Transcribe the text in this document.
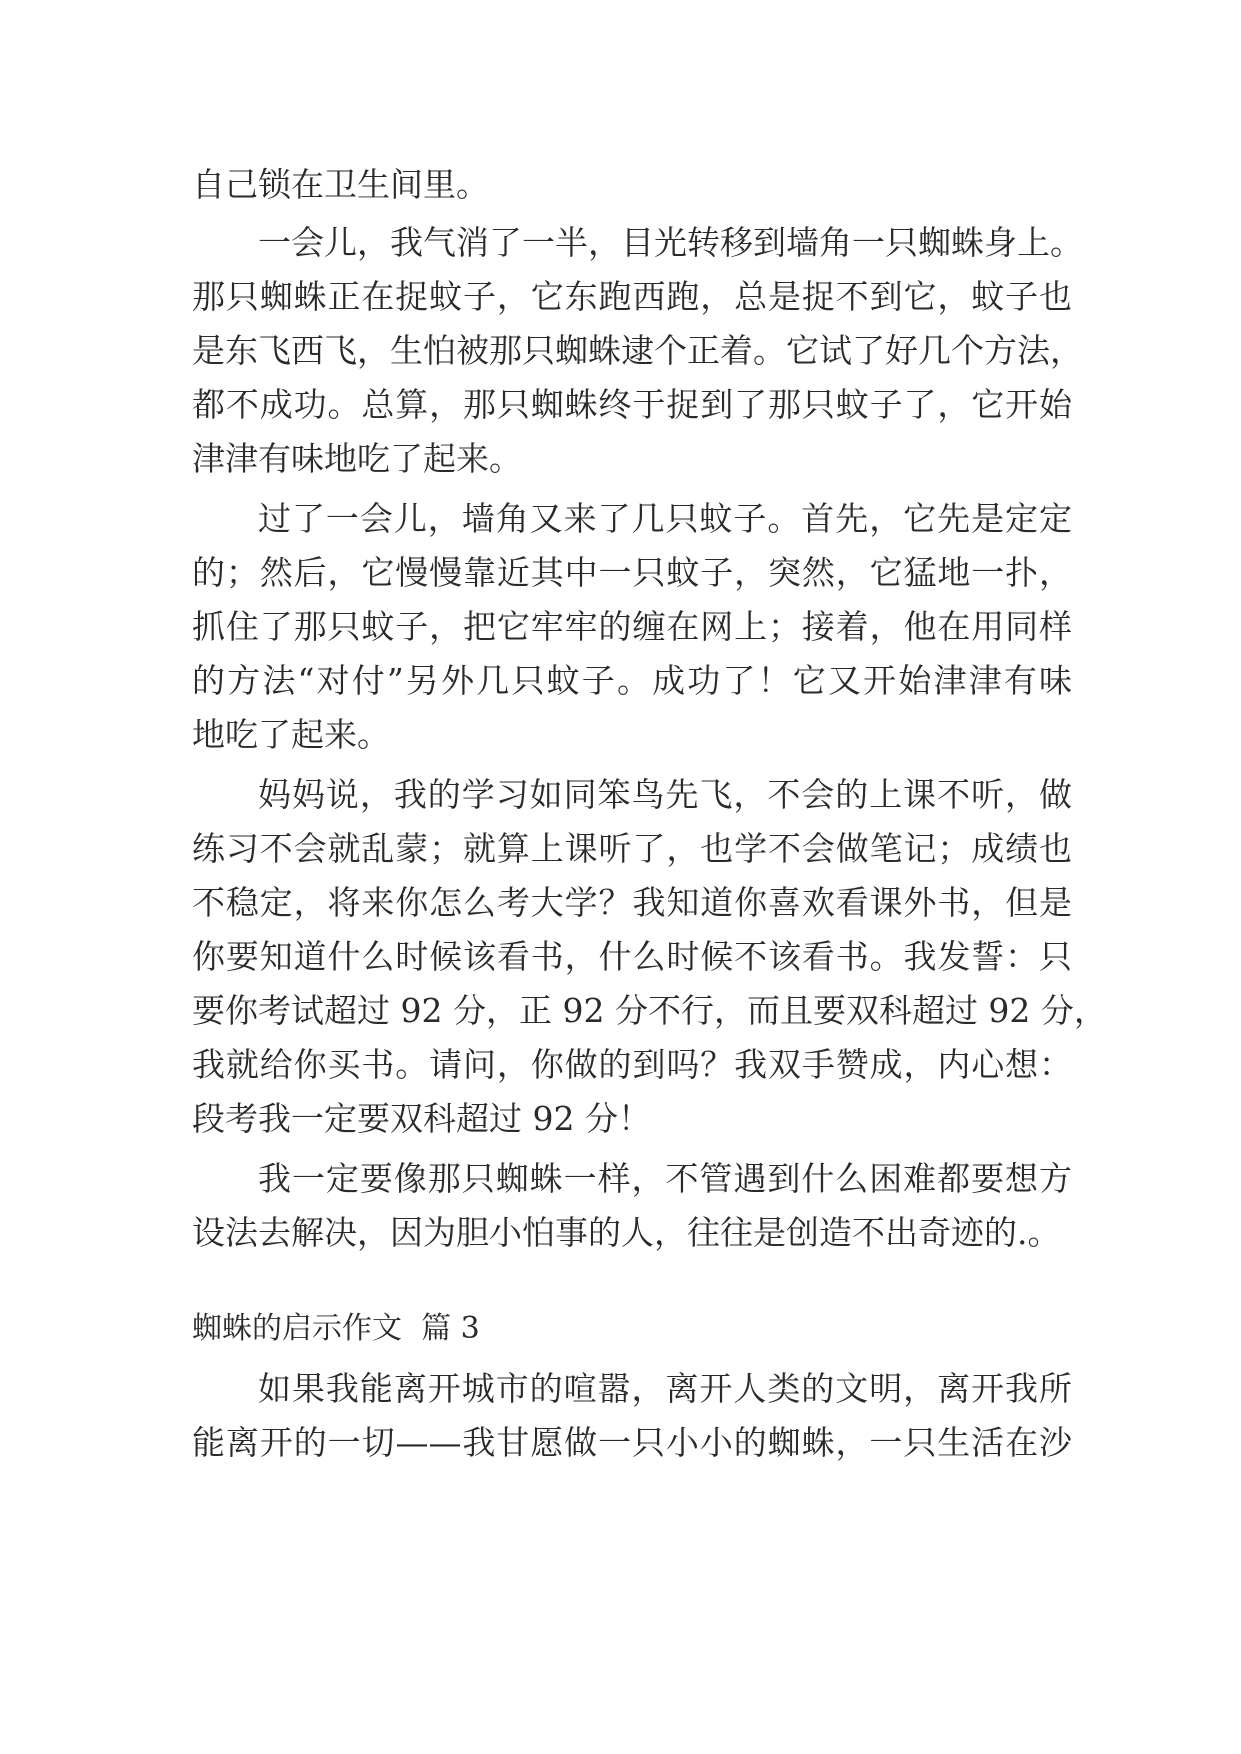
自己锁在卫生间里。

一会儿，我气消了一半，目光转移到墙角一只蜘蛛身上。

那只蜘蛛正在捉蚊子，它东跑西跑，总是捉不到它，蚊子也

是东飞西飞，生怕被那只蜘蛛逮个正着。它试了好几个方法，

都不成功。总算，那只蜘蛛终于捉到了那只蚊子了，它开始

津津有味地吃了起来。

过了一会儿，墙角又来了几只蚊子。首先，它先是定定

的；然后，它慢慢靠近其中一只蚊子，突然，它猛地一扑，

抓住了那只蚊子，把它牢牢的缠在网上；接着，他在用同样

的方法“对付”另外几只蚊子。成功了！它又开始津津有味

地吃了起来。

妈妈说，我的学习如同笨鸟先飞，不会的上课不听，做

练习不会就乱蒙；就算上课听了，也学不会做笔记；成绩也

不稳定，将来你怎么考大学？我知道你喜欢看课外书，但是

你要知道什么时候该看书，什么时候不该看书。我发誓：只

要你考试超过 92 分，正 92 分不行，而且要双科超过 92 分，

我就给你买书。请问，你做的到吗？我双手赞成，内心想：

段考我一定要双科超过 92 分！

我一定要像那只蜘蛛一样，不管遇到什么困难都要想方

设法去解决，因为胆小怕事的人，往往是创造不出奇迹的.。

蜘蛛的启示作文  篇 3

如果我能离开城市的喧嚣，离开人类的文明，离开我所

能离开的一切——我甘愿做一只小小的蜘蛛，一只生活在沙
